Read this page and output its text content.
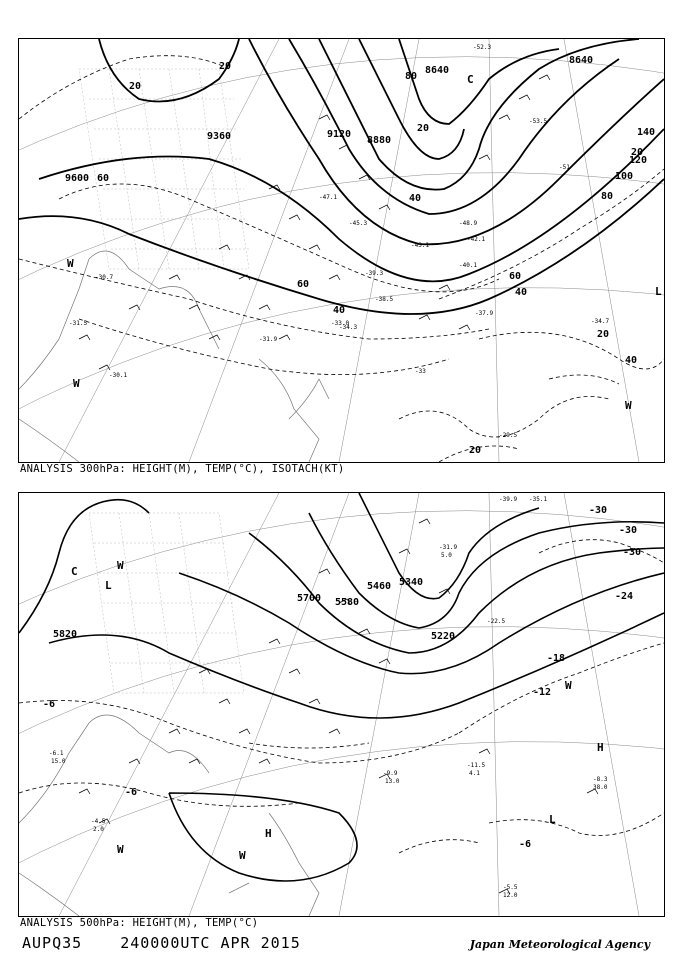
9600
9360	9120
8880
8640
8640
20
20
60
80
60
40
20
40
140
120
100
80
60
40
20
40
20
20
-31.5
-30.7
-30.1
-31.9
-33.0
-34.3
-37.9
-38.5
-39.3
-40.1
-42.1
-43.1
-45.3
-47.1
-48.9
-51
-53.5
-52.3
-34.7
-33
-29.5
W
W
W
C
L
ANALYSIS 300hPa: HEIGHT(M), TEMP(°C), ISOTACH(KT)
5820
5700 5580
5460 5340
5220
-30
-30
-24
-18
-12
-6
-6
-6
-30
-11.5
4.1
-9.9
13.0	-8.3
38.0
-5.5
12.0
-6.1
15.0
-4.5
2.0
-22.5
-31.9
5.0
-39.9 -35.1
C
L
W
W
H
W
H
L
W
ANALYSIS 500hPa: HEIGHT(M), TEMP(°C)
AUPQ35	240000UTC APR 2015	Japan Meteorological Agency
